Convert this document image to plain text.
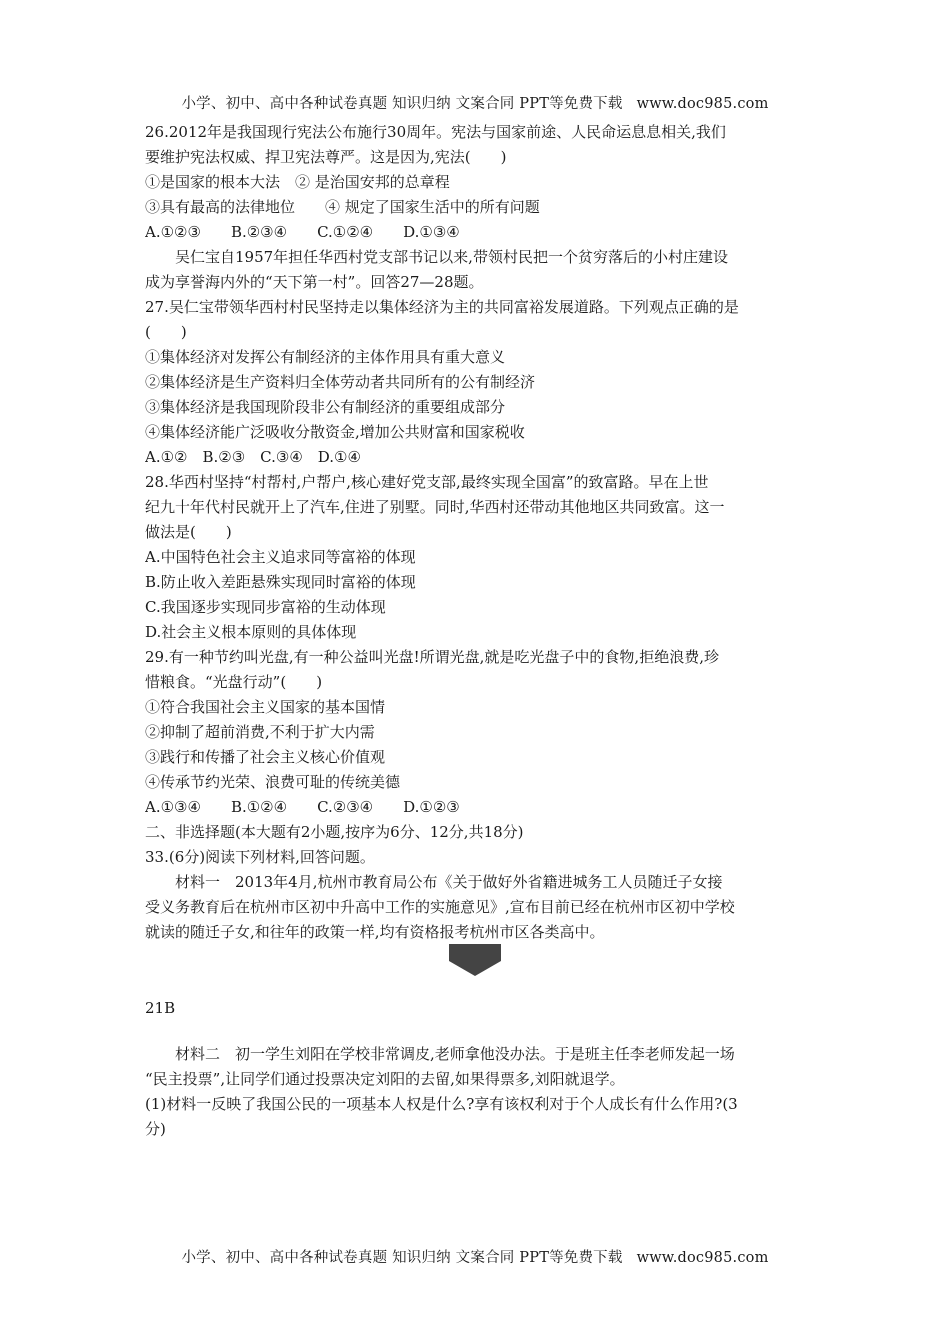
小学、初中、高中各种试卷真题 知识归纳 文案合同 PPT等免费下载 www.doc985.com
26.2012年是我国现行宪法公布施行30周年。宪法与国家前途、人民命运息息相关,我们
要维护宪法权威、捍卫宪法尊严。这是因为,宪法(　　)
①是国家的根本大法　② 是治国安邦的总章程
③具有最高的法律地位　　④ 规定了国家生活中的所有问题
A.①②③　　B.②③④　　C.①②④　　D.①③④
　　吴仁宝自1957年担任华西村党支部书记以来,带领村民把一个贫穷落后的小村庄建设
成为享誉海内外的“天下第一村”。回答27—28题。
27.吴仁宝带领华西村村民坚持走以集体经济为主的共同富裕发展道路。下列观点正确的是
(　　)
①集体经济对发挥公有制经济的主体作用具有重大意义
②集体经济是生产资料归全体劳动者共同所有的公有制经济
③集体经济是我国现阶段非公有制经济的重要组成部分
④集体经济能广泛吸收分散资金,增加公共财富和国家税收
A.①②　B.②③　C.③④　D.①④
28.华西村坚持“村帮村,户帮户,核心建好党支部,最终实现全国富”的致富路。早在上世
纪九十年代村民就开上了汽车,住进了别墅。同时,华西村还带动其他地区共同致富。这一
做法是(　　)
A.中国特色社会主义追求同等富裕的体现
B.防止收入差距悬殊实现同时富裕的体现
C.我国逐步实现同步富裕的生动体现
D.社会主义根本原则的具体体现
29.有一种节约叫光盘,有一种公益叫光盘!所谓光盘,就是吃光盘子中的食物,拒绝浪费,珍
惜粮食。“光盘行动”(　　)
①符合我国社会主义国家的基本国情
②抑制了超前消费,不利于扩大内需
③践行和传播了社会主义核心价值观
④传承节约光荣、浪费可耻的传统美德
A.①③④　　B.①②④　　C.②③④　　D.①②③
二、非选择题(本大题有2小题,按序为6分、12分,共18分)
33.(6分)阅读下列材料,回答问题。
　　材料一　2013年4月,杭州市教育局公布《关于做好外省籍进城务工人员随迁子女接
受义务教育后在杭州市区初中升高中工作的实施意见》,宣布目前已经在杭州市区初中学校
就读的随迁子女,和往年的政策一样,均有资格报考杭州市区各类高中。
21B
　　材料二　初一学生刘阳在学校非常调皮,老师拿他没办法。于是班主任李老师发起一场
“民主投票”,让同学们通过投票决定刘阳的去留,如果得票多,刘阳就退学。
(1)材料一反映了我国公民的一项基本人权是什么?享有该权利对于个人成长有什么作用?(3
分)
小学、初中、高中各种试卷真题 知识归纳 文案合同 PPT等免费下载 www.doc985.com
